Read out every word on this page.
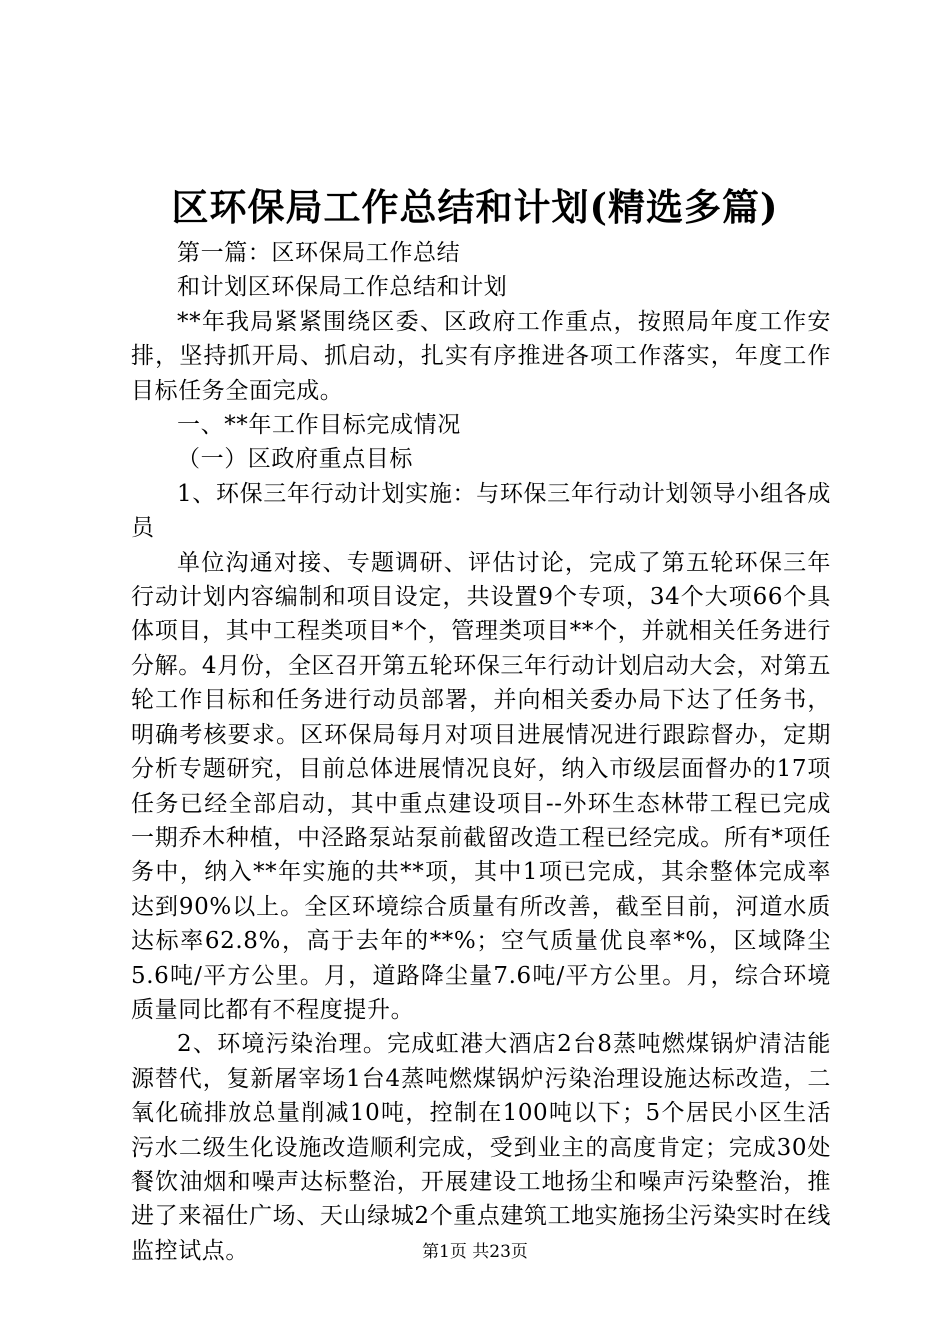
区环保局工作总结和计划(精选多篇)

第一篇：区环保局工作总结

和计划区环保局工作总结和计划

**年我局紧紧围绕区委、区政府工作重点，按照局年度工作安排，坚持抓开局、抓启动，扎实有序推进各项工作落实，年度工作目标任务全面完成。

一、**年工作目标完成情况

（一）区政府重点目标

1、环保三年行动计划实施：与环保三年行动计划领导小组各成员

单位沟通对接、专题调研、评估讨论，完成了第五轮环保三年行动计划内容编制和项目设定，共设置9个专项，34个大项66个具体项目，其中工程类项目*个，管理类项目**个，并就相关任务进行分解。4月份，全区召开第五轮环保三年行动计划启动大会，对第五轮工作目标和任务进行动员部署，并向相关委办局下达了任务书，明确考核要求。区环保局每月对项目进展情况进行跟踪督办，定期分析专题研究，目前总体进展情况良好，纳入市级层面督办的17项任务已经全部启动，其中重点建设项目--外环生态林带工程已完成一期乔木种植，中泾路泵站泵前截留改造工程已经完成。所有*项任务中，纳入**年实施的共**项，其中1项已完成，其余整体完成率达到90%以上。全区环境综合质量有所改善，截至目前，河道水质达标率62.8%，高于去年的**%；空气质量优良率*%，区域降尘5.6吨/平方公里。月，道路降尘量7.6吨/平方公里。月，综合环境质量同比都有不程度提升。

2、环境污染治理。完成虹港大酒店2台8蒸吨燃煤锅炉清洁能源替代，复新屠宰场1台4蒸吨燃煤锅炉污染治理设施达标改造，二氧化硫排放总量削减10吨，控制在100吨以下；5个居民小区生活污水二级生化设施改造顺利完成，受到业主的高度肯定；完成30处餐饮油烟和噪声达标整治，开展建设工地扬尘和噪声污染整治，推进了来福仕广场、天山绿城2个重点建筑工地实施扬尘污染实时在线监控试点。	第1页 共23页
